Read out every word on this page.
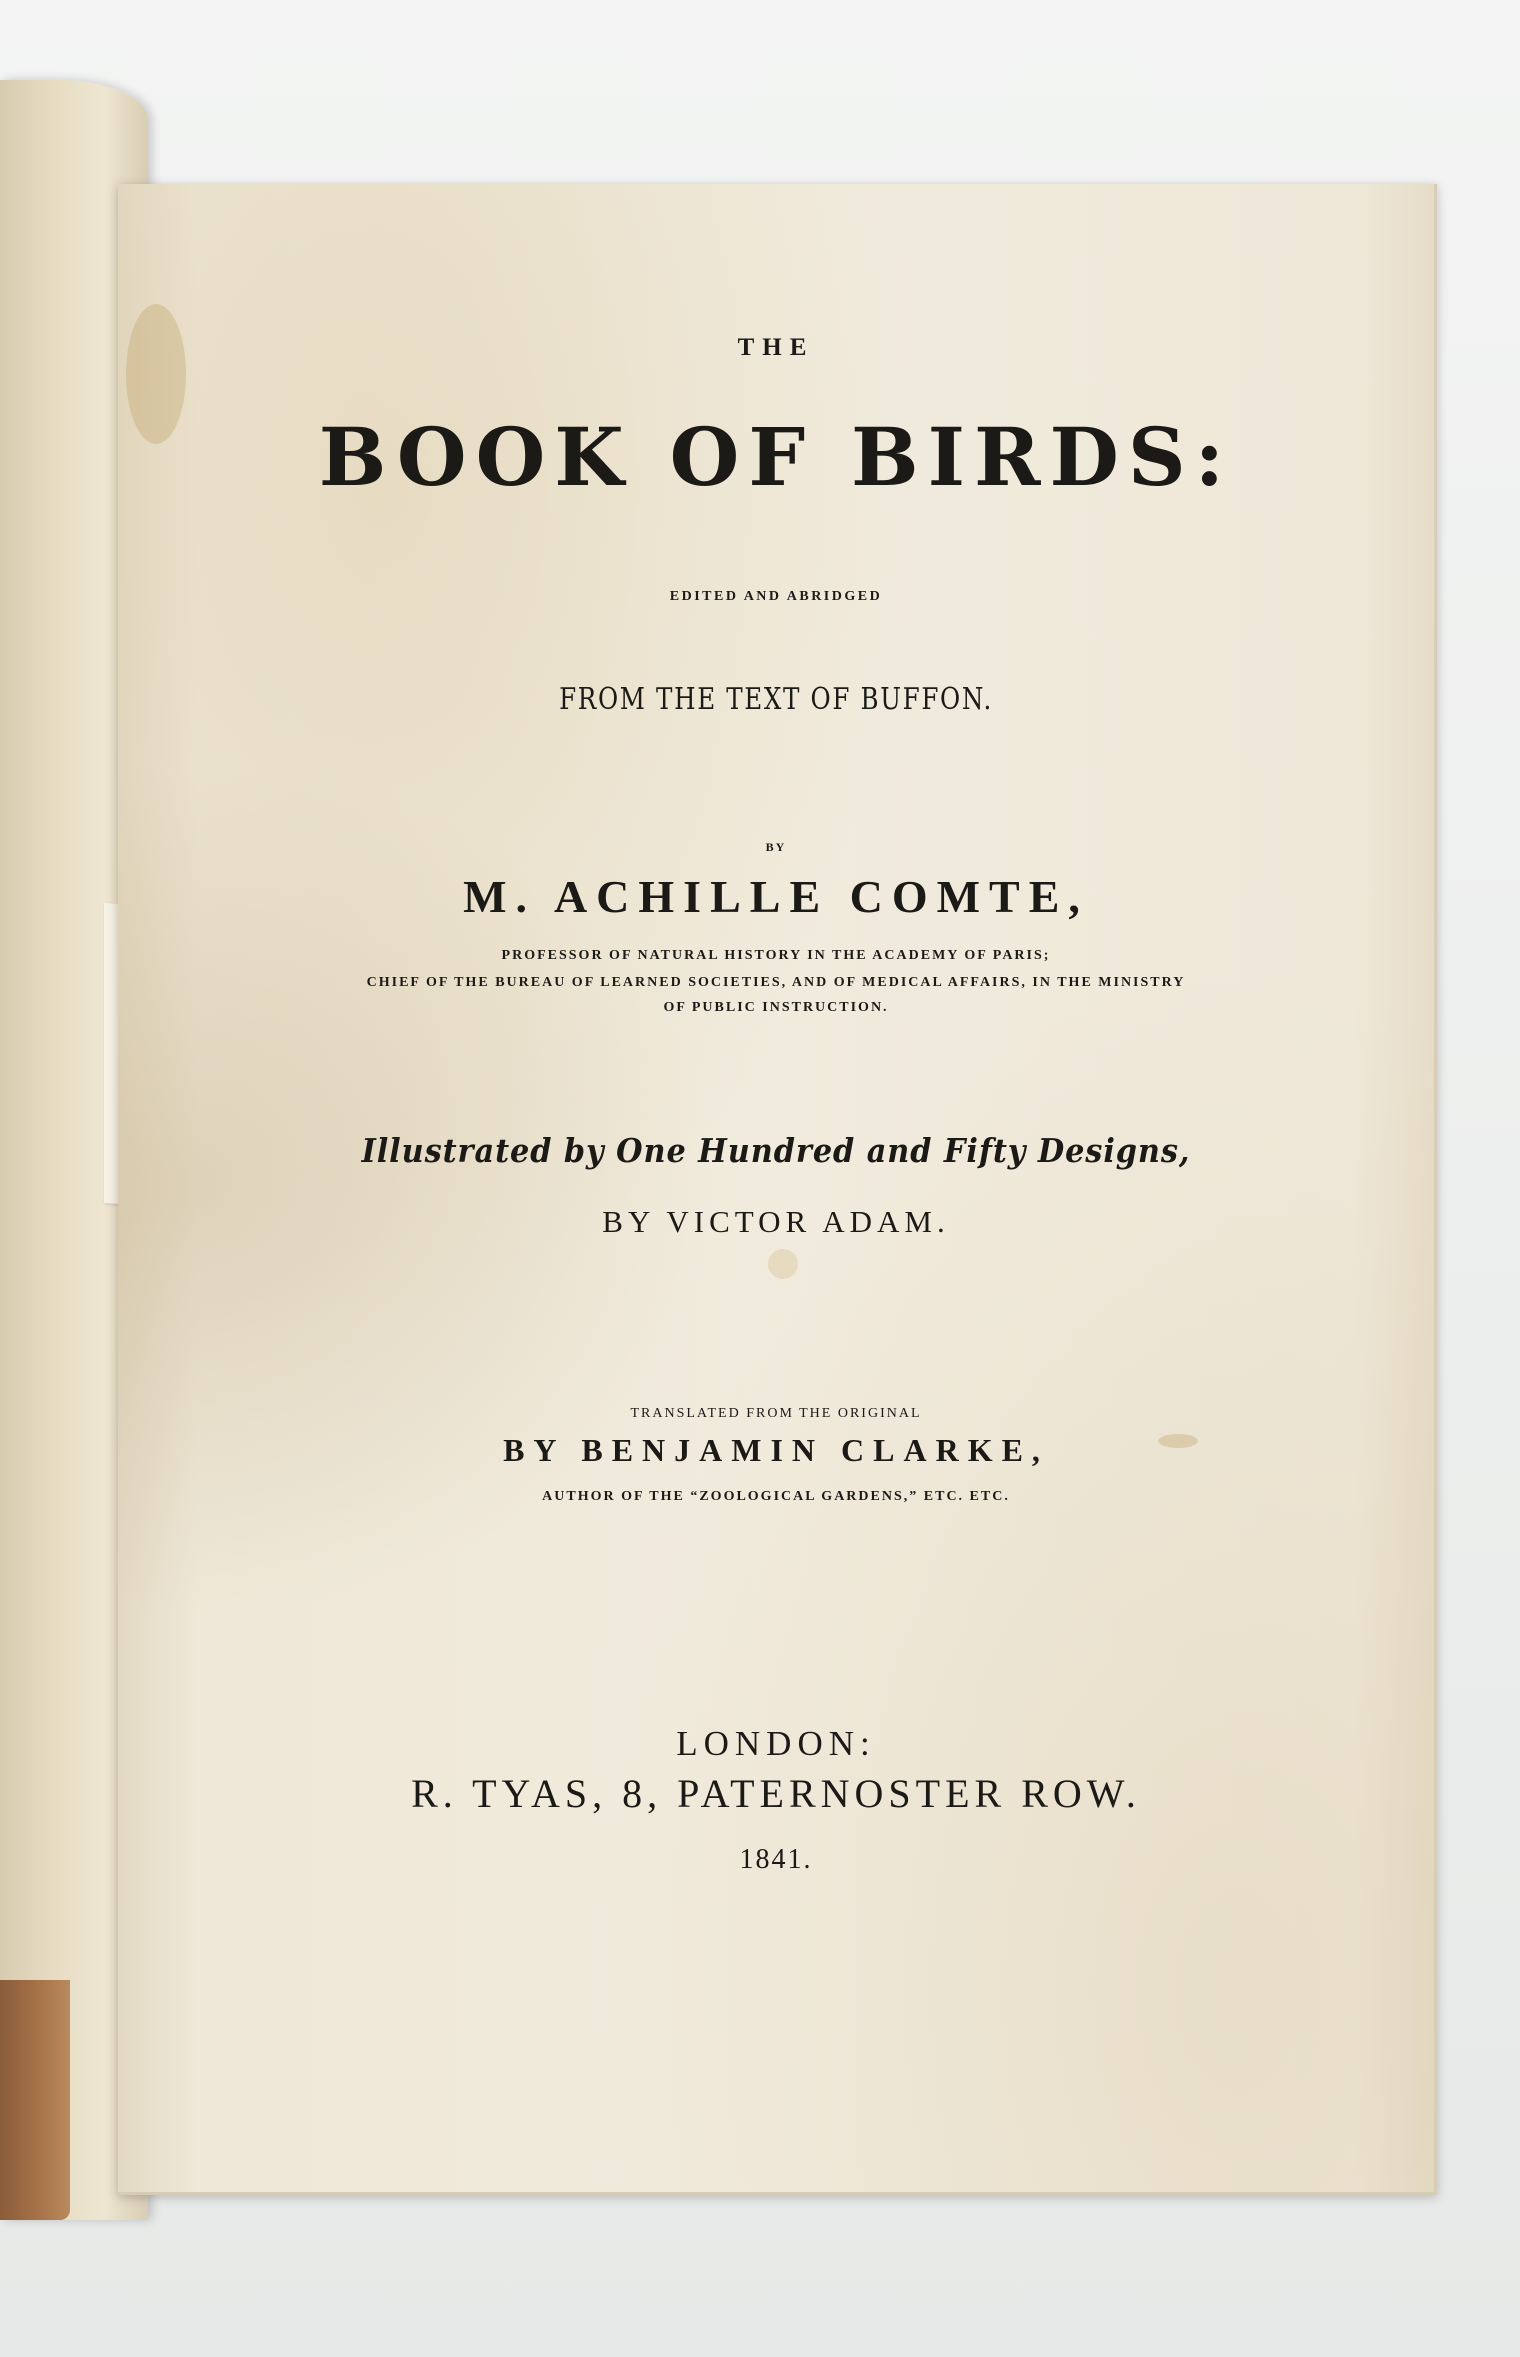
THE
BOOK OF BIRDS:
EDITED AND ABRIDGED
FROM THE TEXT OF BUFFON.
BY
M. ACHILLE COMTE,
PROFESSOR OF NATURAL HISTORY IN THE ACADEMY OF PARIS;
CHIEF OF THE BUREAU OF LEARNED SOCIETIES, AND OF MEDICAL AFFAIRS, IN THE MINISTRY
OF PUBLIC INSTRUCTION.
Illustrated by One Hundred and Fifty Designs,
BY VICTOR ADAM.
TRANSLATED FROM THE ORIGINAL
BY BENJAMIN CLARKE,
AUTHOR OF THE “ZOOLOGICAL GARDENS,” ETC. ETC.
LONDON:
R. TYAS, 8, PATERNOSTER ROW.
1841.
